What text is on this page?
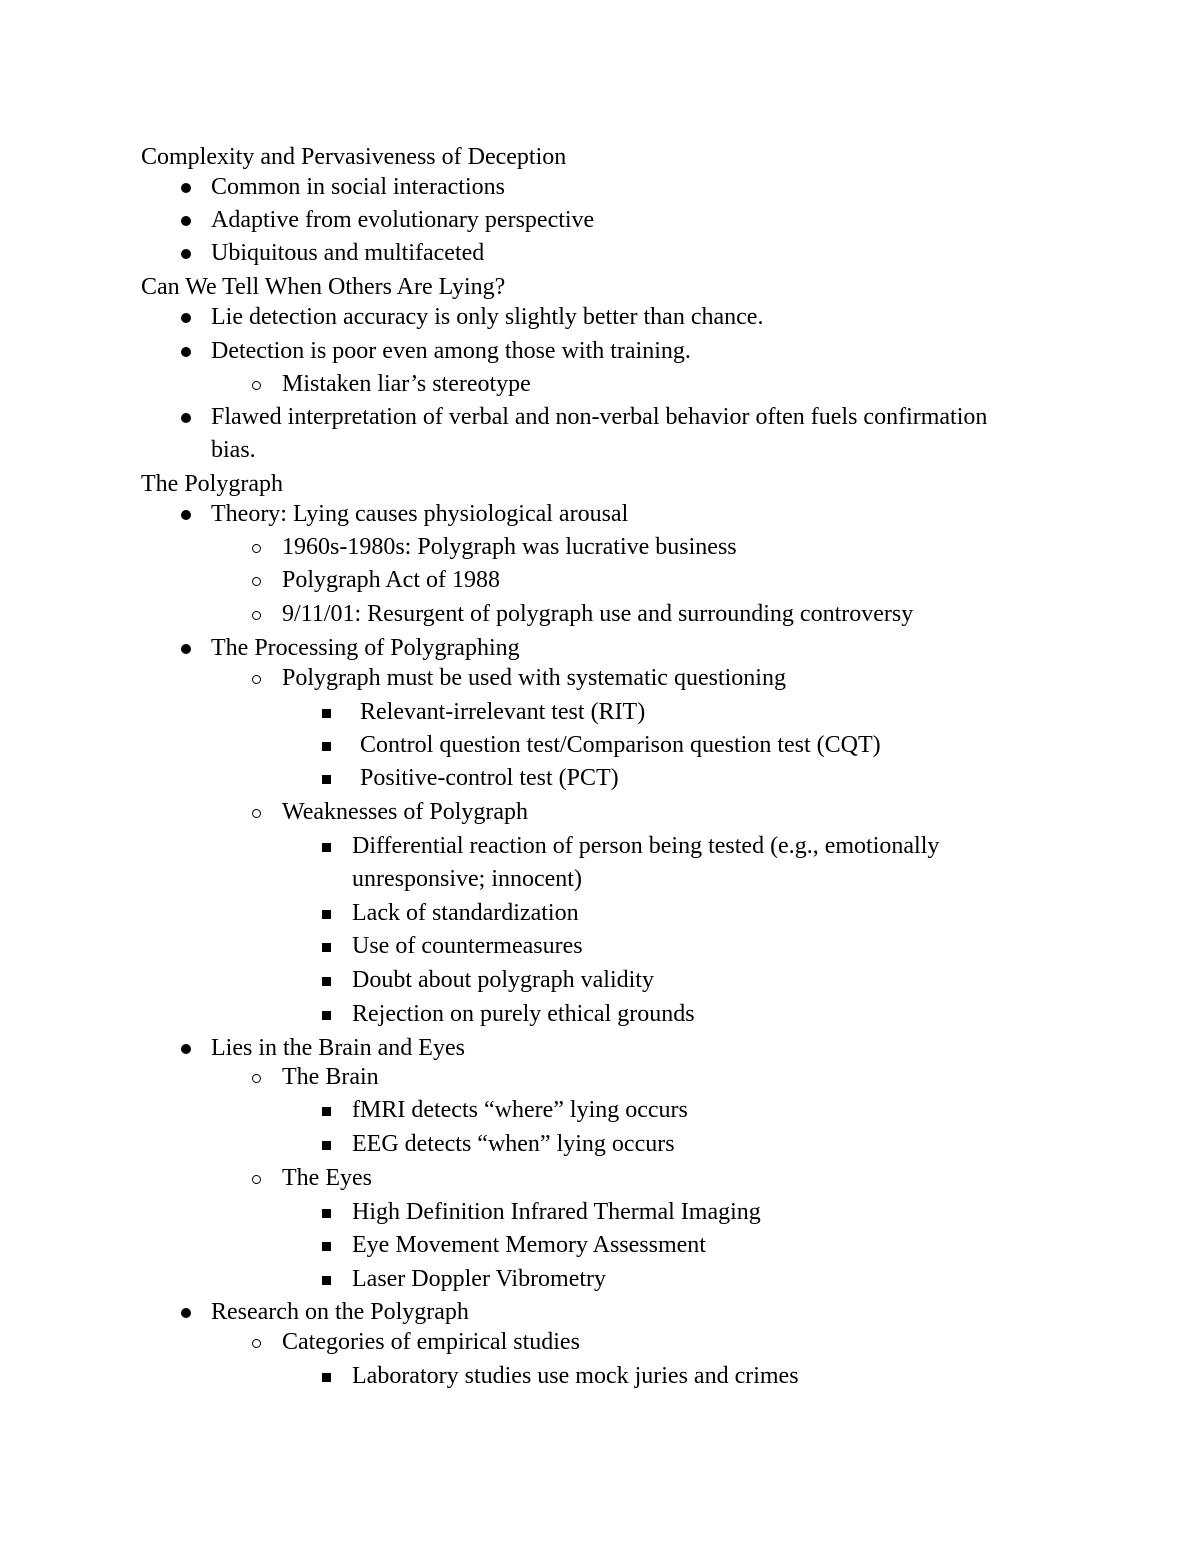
Complexity and Pervasiveness of Deception
Common in social interactions
Adaptive from evolutionary perspective
Ubiquitous and multifaceted
Can We Tell When Others Are Lying?
Lie detection accuracy is only slightly better than chance.
Detection is poor even among those with training.
Mistaken liar’s stereotype
Flawed interpretation of verbal and non-verbal behavior often fuels confirmation
bias.
The Polygraph
Theory: Lying causes physiological arousal
1960s-1980s: Polygraph was lucrative business
Polygraph Act of 1988
9/11/01: Resurgent of polygraph use and surrounding controversy
The Processing of Polygraphing
Polygraph must be used with systematic questioning
Relevant-irrelevant test (RIT)
Control question test/Comparison question test (CQT)
Positive-control test (PCT)
Weaknesses of Polygraph
Differential reaction of person being tested (e.g., emotionally
unresponsive; innocent)
Lack of standardization
Use of countermeasures
Doubt about polygraph validity
Rejection on purely ethical grounds
Lies in the Brain and Eyes
The Brain
fMRI detects “where” lying occurs
EEG detects “when” lying occurs
The Eyes
High Definition Infrared Thermal Imaging
Eye Movement Memory Assessment
Laser Doppler Vibrometry
Research on the Polygraph
Categories of empirical studies
Laboratory studies use mock juries and crimes
